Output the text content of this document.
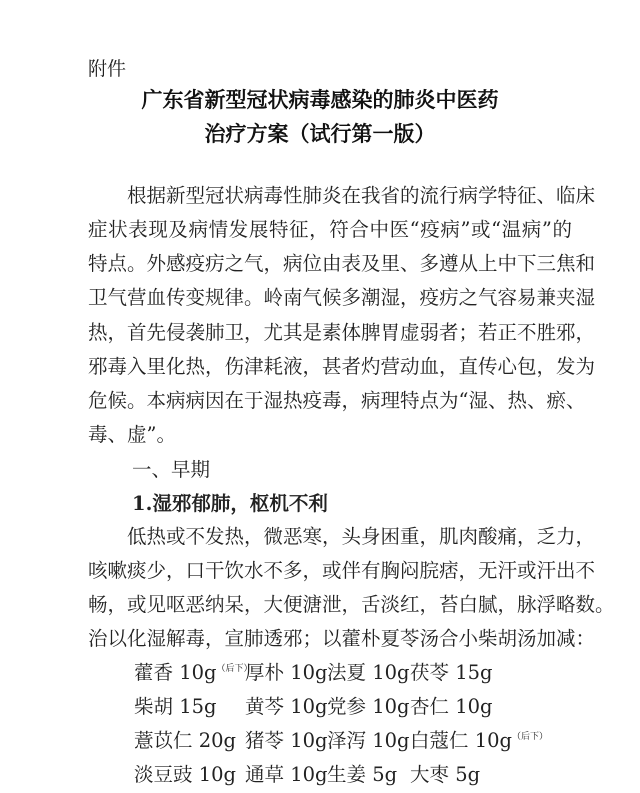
附件
广东省新型冠状病毒感染的肺炎中医药
治疗方案（试行第一版）
　　根据新型冠状病毒性肺炎在我省的流行病学特征、临床
症状表现及病情发展特征，符合中医“疫病”或“温病”的
特点。外感疫疠之气，病位由表及里、多遵从上中下三焦和
卫气营血传变规律。岭南气候多潮湿，疫疠之气容易兼夹湿
热，首先侵袭肺卫，尤其是素体脾胃虚弱者；若正不胜邪，
邪毒入里化热，伤津耗液，甚者灼营动血，直传心包，发为
危候。本病病因在于湿热疫毒，病理特点为“湿、热、瘀、
毒、虚”。
一、早期
1.湿邪郁肺，枢机不利
　　低热或不发热，微恶寒，头身困重，肌肉酸痛，乏力，
咳嗽痰少，口干饮水不多，或伴有胸闷脘痞，无汗或汗出不
畅，或见呕恶纳呆，大便溏泄，舌淡红，苔白腻，脉浮略数。
治以化湿解毒，宣肺透邪；以藿朴夏苓汤合小柴胡汤加减：
藿香 $10g^{(后下)}$
厚朴 10g 法夏 10g 茯苓 15g
柴胡 15g 黄芩 10g 党参 10g 杏仁 10g
薏苡仁 20g 猪苓 10g 泽泻 10g 白蔻仁 $10g^{(后下)}$
淡豆豉 10g 通草 10g 生姜 5g 大枣 5g
